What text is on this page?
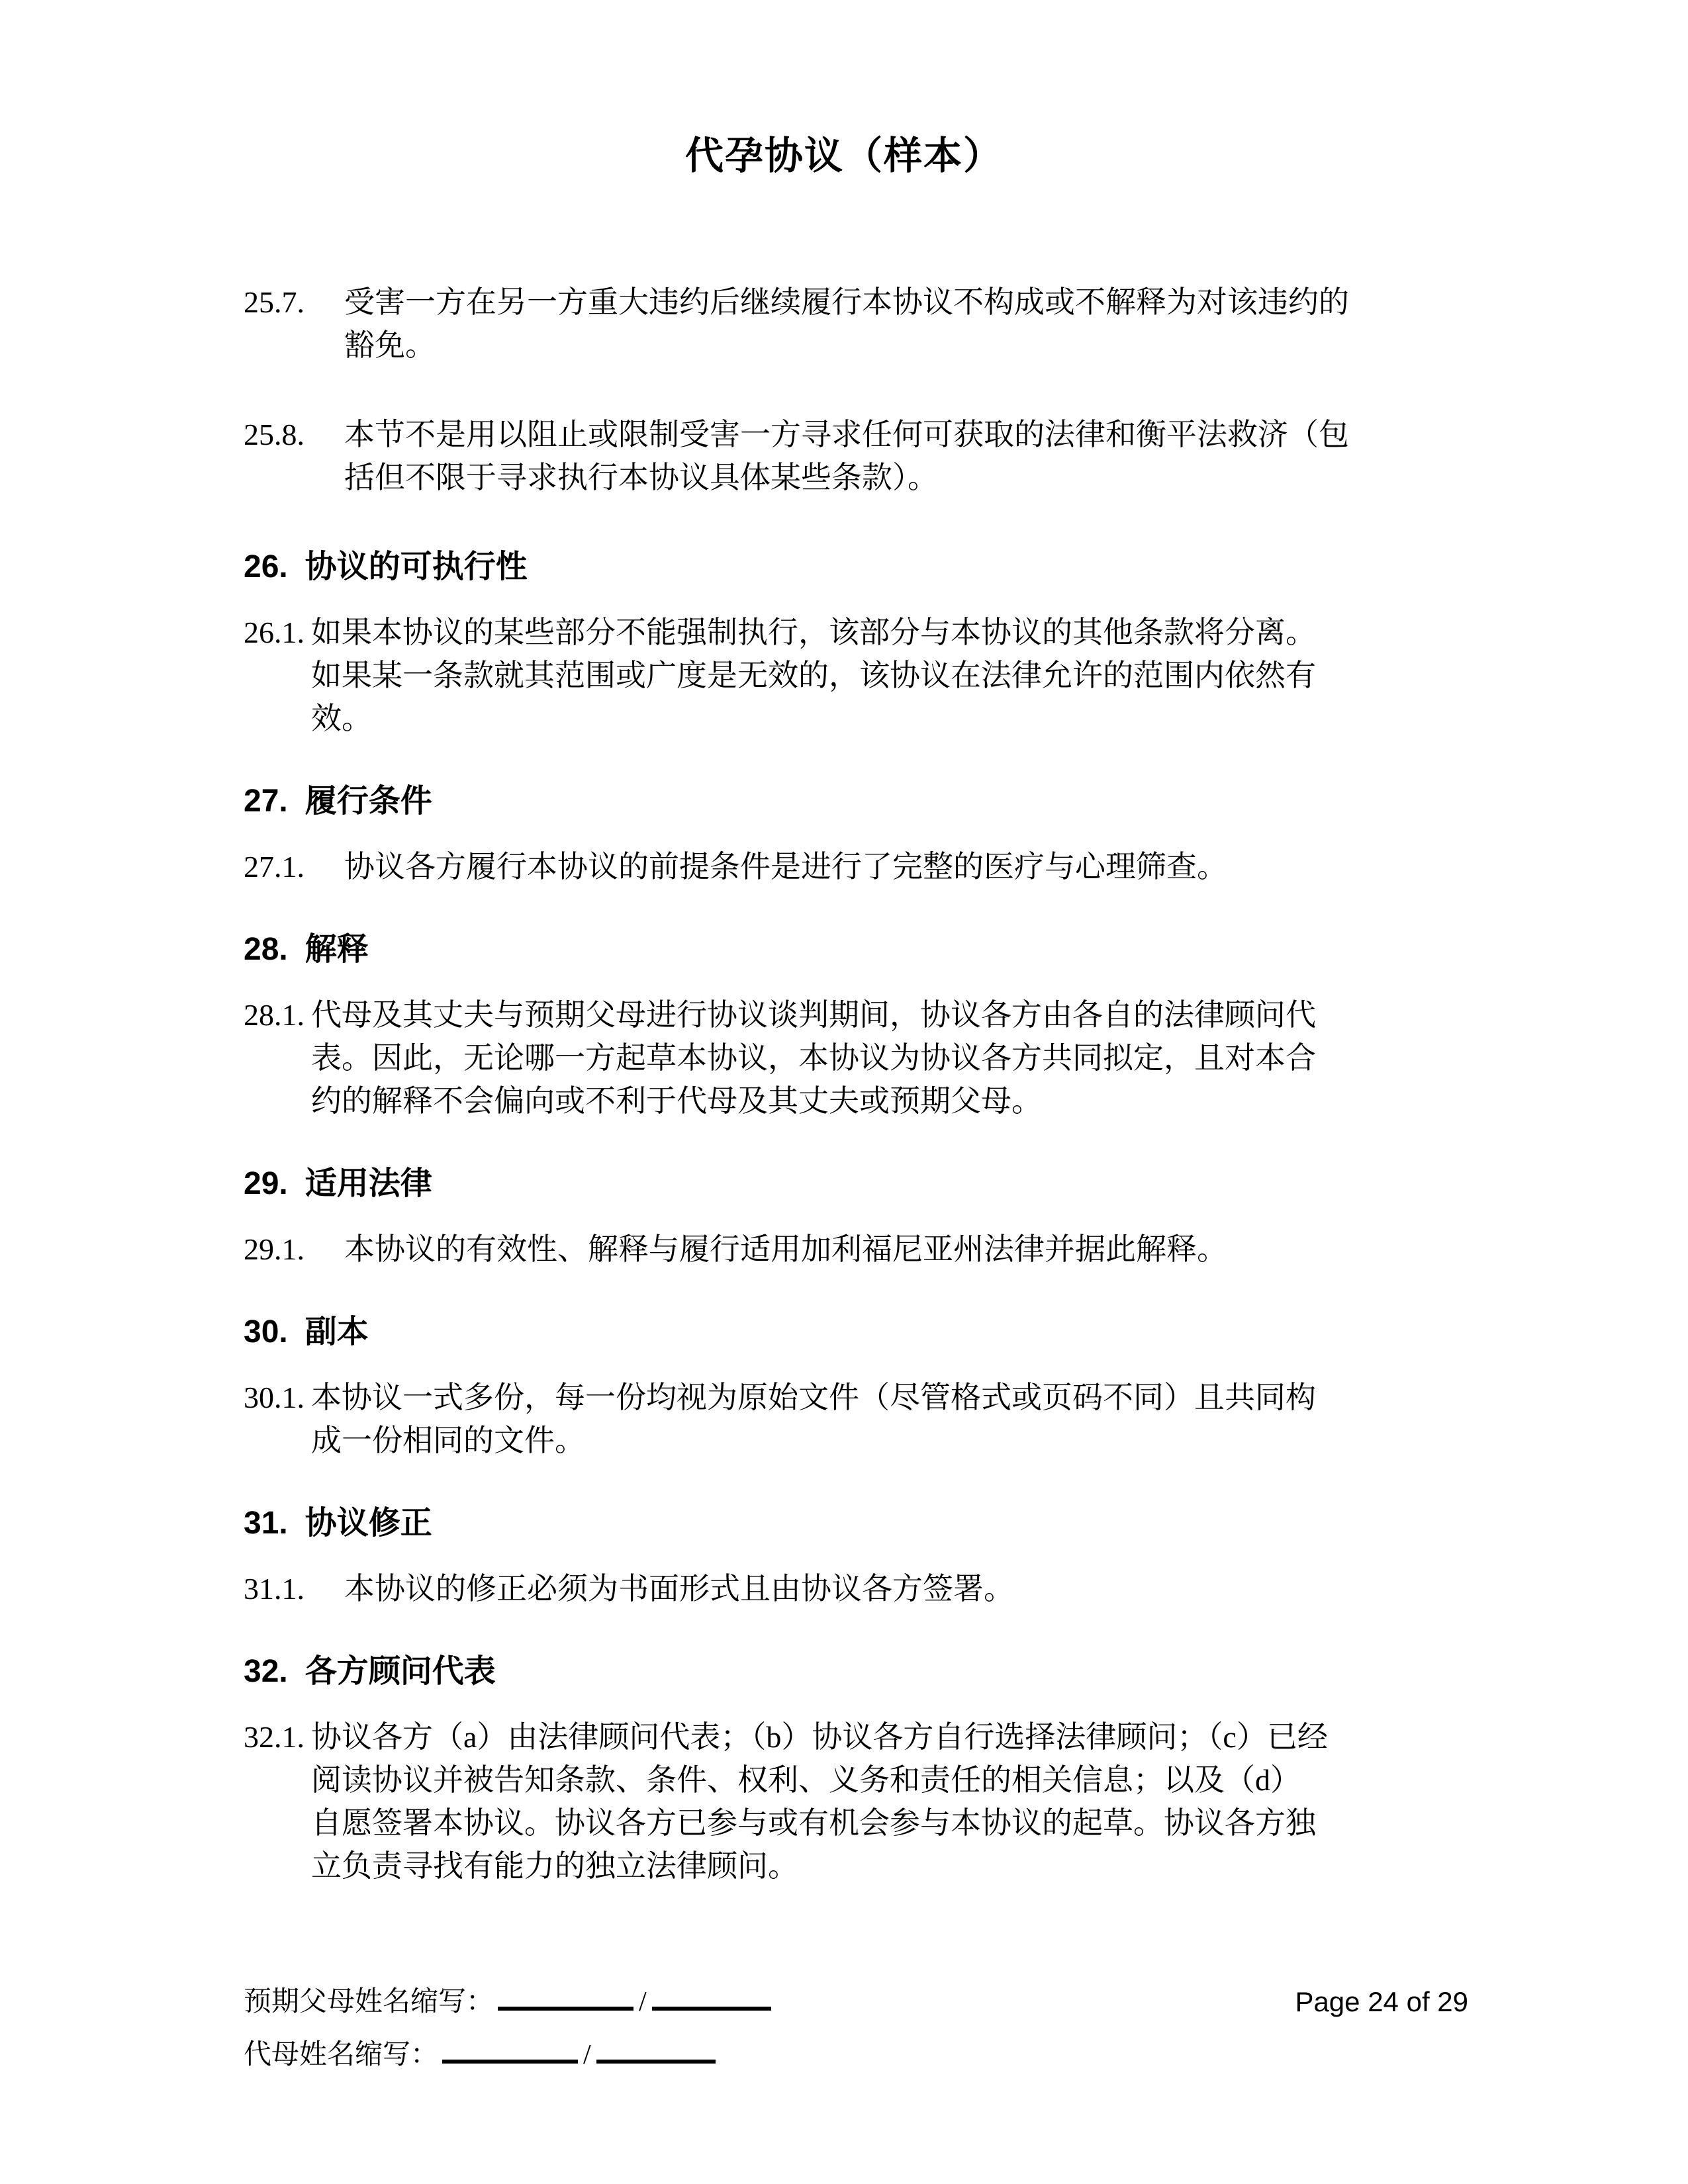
代孕协议（样本）
25.7.	受害一方在另一方重大违约后继续履行本协议不构成或不解释为对该违约的豁免。
25.8.	本节不是用以阻止或限制受害一方寻求任何可获取的法律和衡平法救济（包括但不限于寻求执行本协议具体某些条款）。
26. 协议的可执行性
26.1. 如果本协议的某些部分不能强制执行，该部分与本协议的其他条款将分离。如果某一条款就其范围或广度是无效的，该协议在法律允许的范围内依然有效。
27. 履行条件
27.1.	协议各方履行本协议的前提条件是进行了完整的医疗与心理筛查。
28. 解释
28.1. 代母及其丈夫与预期父母进行协议谈判期间，协议各方由各自的法律顾问代表。因此，无论哪一方起草本协议，本协议为协议各方共同拟定，且对本合约的解释不会偏向或不利于代母及其丈夫或预期父母。
29. 适用法律
29.1.	本协议的有效性、解释与履行适用加利福尼亚州法律并据此解释。
30. 副本
30.1. 本协议一式多份，每一份均视为原始文件（尽管格式或页码不同）且共同构成一份相同的文件。
31. 协议修正
31.1.	本协议的修正必须为书面形式且由协议各方签署。
32. 各方顾问代表
32.1. 协议各方（a）由法律顾问代表；（b）协议各方自行选择法律顾问；（c）已经阅读协议并被告知条款、条件、权利、义务和责任的相关信息；以及（d）自愿签署本协议。协议各方已参与或有机会参与本协议的起草。协议各方独立负责寻找有能力的独立法律顾问。
预期父母姓名缩写：	/
代母姓名缩写：	/
Page 24 of 29
